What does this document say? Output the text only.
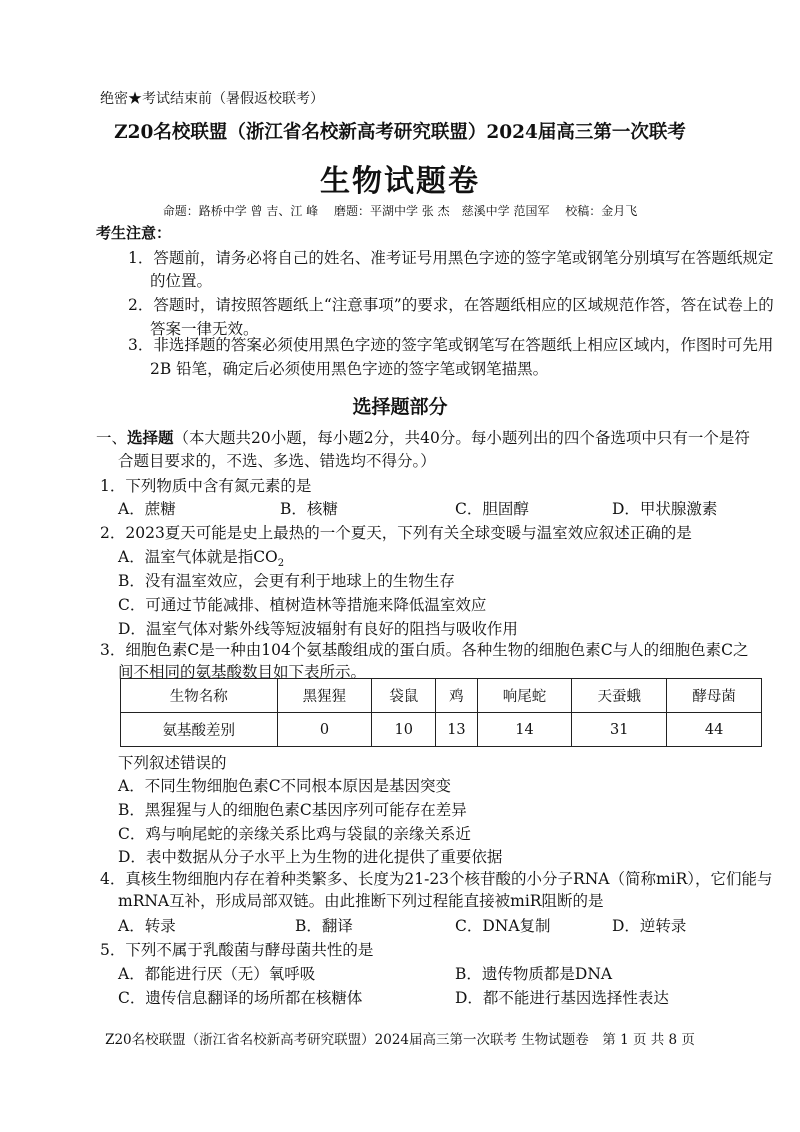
绝密★考试结束前（暑假返校联考）
Z20名校联盟（浙江省名校新高考研究联盟）2024届高三第一次联考
生物试题卷
命题：路桥中学 曾 吉、江 峰　 磨题：平湖中学 张 杰　慈溪中学 范国军　 校稿：金月飞
考生注意：
1．答题前，请务必将自己的姓名、准考证号用黑色字迹的签字笔或钢笔分别填写在答题纸规定
的位置。
2．答题时，请按照答题纸上“注意事项”的要求，在答题纸相应的区域规范作答，答在试卷上的
答案一律无效。
3．非选择题的答案必须使用黑色字迹的签字笔或钢笔写在答题纸上相应区域内，作图时可先用
2B 铅笔，确定后必须使用黑色字迹的签字笔或钢笔描黑。
选择题部分
一、选择题（本大题共20小题，每小题2分，共40分。每小题列出的四个备选项中只有一个是符
合题目要求的，不选、多选、错选均不得分。）
1．下列物质中含有氮元素的是
A．蔗糖	B．核糖	C．胆固醇	D．甲状腺激素
2．2023夏天可能是史上最热的一个夏天，下列有关全球变暖与温室效应叙述正确的是
A．温室气体就是指$CO_2$
B．没有温室效应，会更有利于地球上的生物生存
C．可通过节能减排、植树造林等措施来降低温室效应
D．温室气体对紫外线等短波辐射有良好的阻挡与吸收作用
3．细胞色素C是一种由104个氨基酸组成的蛋白质。各种生物的细胞色素C与人的细胞色素C之
间不相同的氨基酸数目如下表所示。
生物名称	黑猩猩	袋鼠	鸡	响尾蛇	天蚕蛾	酵母菌
氨基酸差别	0	10	13	14	31	44
下列叙述错误的
A．不同生物细胞色素C不同根本原因是基因突变
B．黑猩猩与人的细胞色素C基因序列可能存在差异
C．鸡与响尾蛇的亲缘关系比鸡与袋鼠的亲缘关系近
D．表中数据从分子水平上为生物的进化提供了重要依据
4．真核生物细胞内存在着种类繁多、长度为21-23个核苷酸的小分子RNA（简称miR），它们能与
mRNA互补，形成局部双链。由此推断下列过程能直接被miR阻断的是
A．转录	B．翻译	C．DNA复制	D．逆转录
5．下列不属于乳酸菌与酵母菌共性的是
A．都能进行厌（无）氧呼吸	B．遗传物质都是DNA
C．遗传信息翻译的场所都在核糖体	D．都不能进行基因选择性表达
Z20名校联盟（浙江省名校新高考研究联盟）2024届高三第一次联考 生物试题卷　第 1 页 共 8 页
